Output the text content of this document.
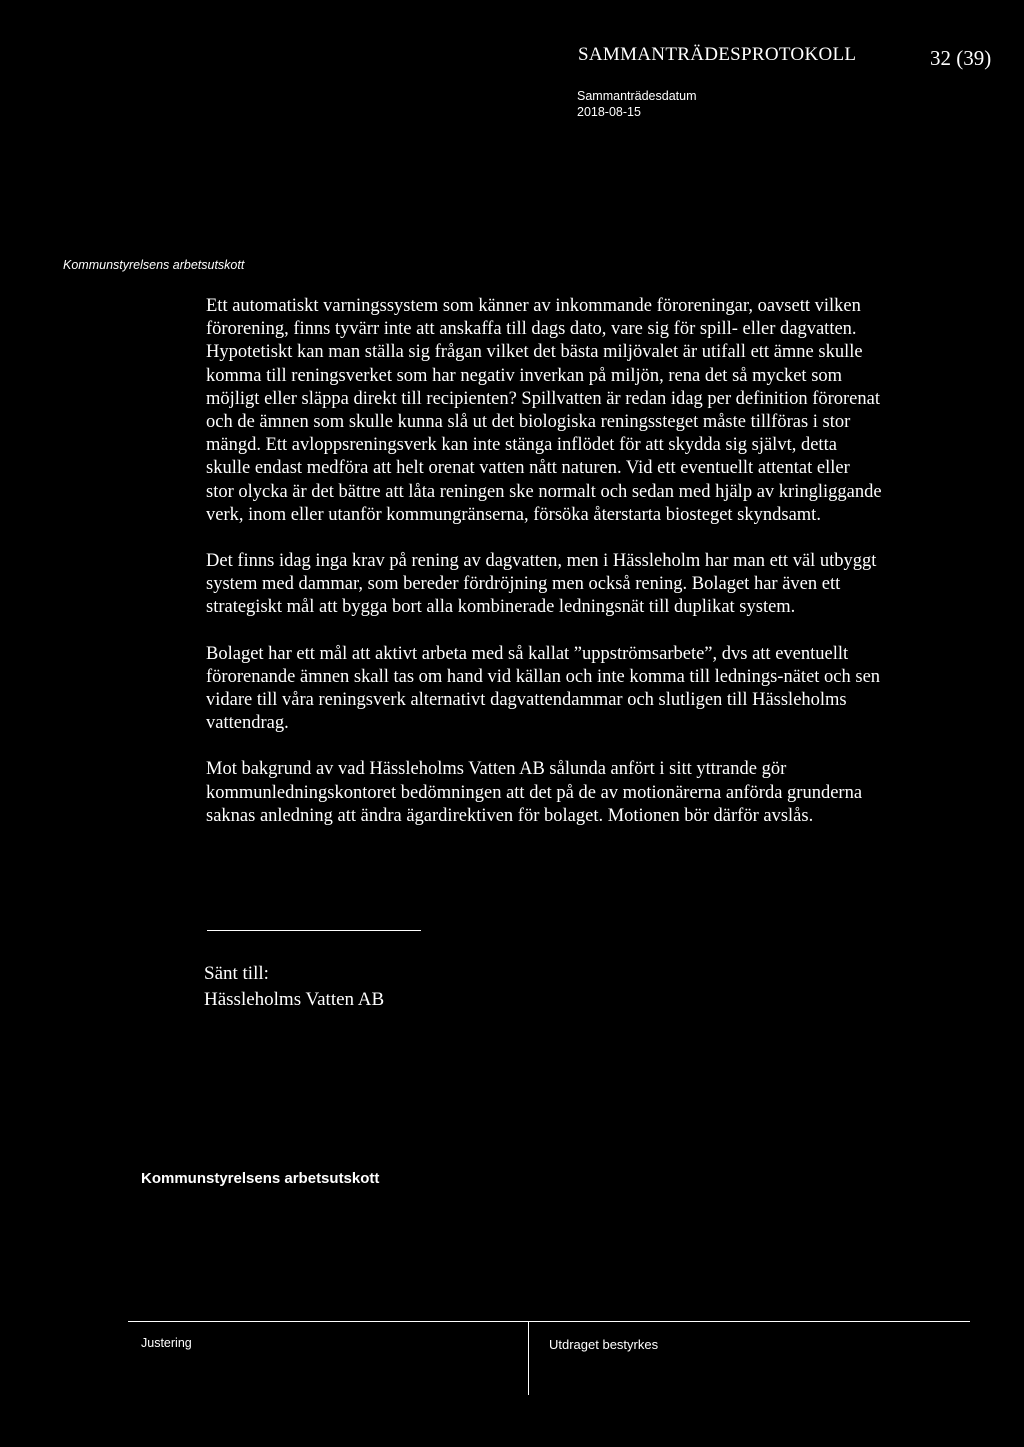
SAMMANTRÄDESPROTOKOLL	32 (39)
Sammanträdesdatum
2018-08-15
Kommunstyrelsens arbetsutskott

Ett automatiskt varningssystem som känner av inkommande föroreningar, oavsett vilken förorening, finns tyvärr inte att anskaffa till dags dato, vare sig för spill- eller dagvatten. Hypotetiskt kan man ställa sig frågan vilket det bästa miljövalet är utifall ett ämne skulle komma till reningsverket som har negativ inverkan på miljön, rena det så mycket som möjligt eller släppa direkt till recipienten? Spillvatten är redan idag per definition förorenat och de ämnen som skulle kunna slå ut det biologiska reningssteget måste tillföras i stor mängd. Ett avloppsreningsverk kan inte stänga inflödet för att skydda sig självt, detta skulle endast medföra att helt orenat vatten nått naturen. Vid ett eventuellt attentat eller stor olycka är det bättre att låta reningen ske normalt och sedan med hjälp av kringliggande verk, inom eller utanför kommungränserna, försöka återstarta biosteget skyndsamt.

Det finns idag inga krav på rening av dagvatten, men i Hässleholm har man ett väl utbyggt system med dammar, som bereder fördröjning men också rening. Bolaget har även ett strategiskt mål att bygga bort alla kombinerade ledningsnät till duplikat system.

Bolaget har ett mål att aktivt arbeta med så kallat ”uppströmsarbete”, dvs att eventuellt förorenande ämnen skall tas om hand vid källan och inte komma till lednings-nätet och sen vidare till våra reningsverk alternativt dagvattendammar och slutligen till Hässleholms vattendrag.

Mot bakgrund av vad Hässleholms Vatten AB sålunda anfört i sitt yttrande gör kommunledningskontoret bedömningen att det på de av motionärerna anförda grunderna saknas anledning att ändra ägardirektiven för bolaget. Motionen bör därför avslås.

Sänt till:
Hässleholms Vatten AB
Kommunstyrelsens arbetsutskott
Justering	Utdraget bestyrkes
